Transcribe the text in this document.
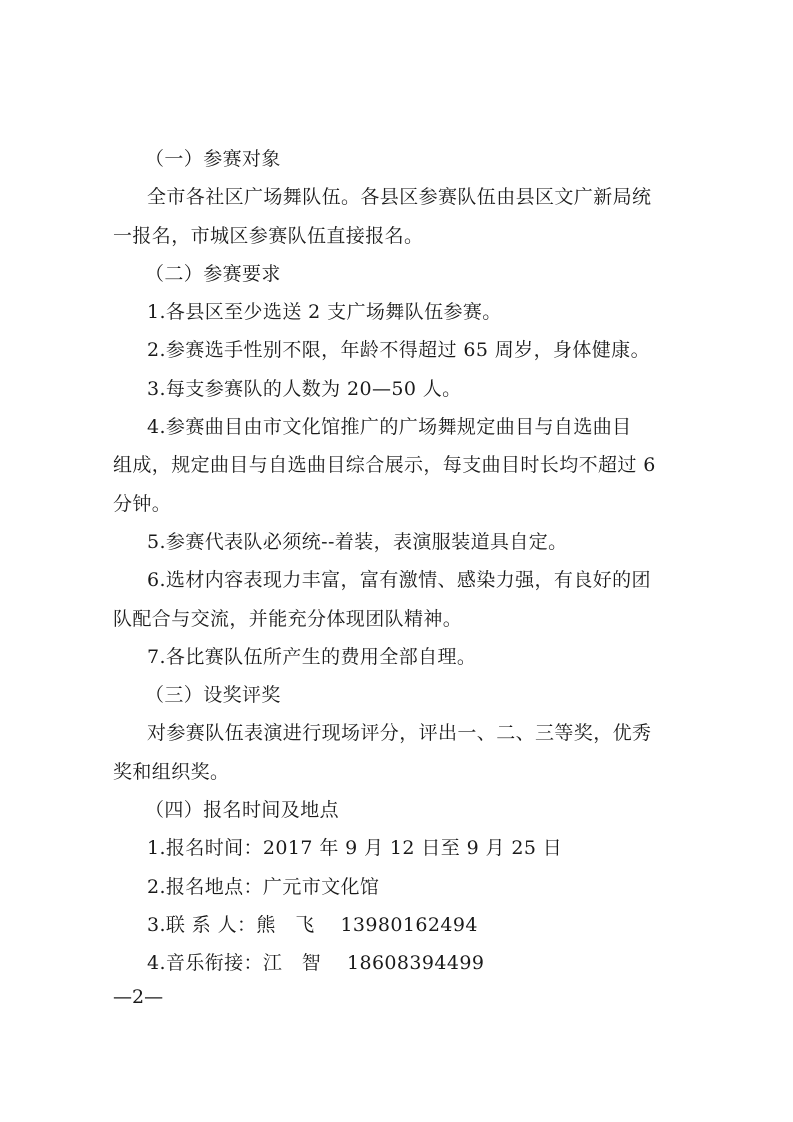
（一）参赛对象

全市各社区广场舞队伍。各县区参赛队伍由县区文广新局统

一报名，市城区参赛队伍直接报名。

（二）参赛要求

1.各县区至少选送 2 支广场舞队伍参赛。

2.参赛选手性别不限，年龄不得超过 65 周岁，身体健康。

3.每支参赛队的人数为 20—50 人。

4.参赛曲目由市文化馆推广的广场舞规定曲目与自选曲目

组成，规定曲目与自选曲目综合展示，每支曲目时长均不超过 6

分钟。

5.参赛代表队必须统--着装，表演服装道具自定。

6.选材内容表现力丰富，富有激情、感染力强，有良好的团

队配合与交流，并能充分体现团队精神。

7.各比赛队伍所产生的费用全部自理。

（三）设奖评奖

对参赛队伍表演进行现场评分，评出一、二、三等奖，优秀

奖和组织奖。

（四）报名时间及地点

1.报名时间：2017 年 9 月 12 日至 9 月 25 日

2.报名地点：广元市文化馆

3.联 系 人：熊　飞　 13980162494

4.音乐衔接：江　智　 18608394499

—2—
